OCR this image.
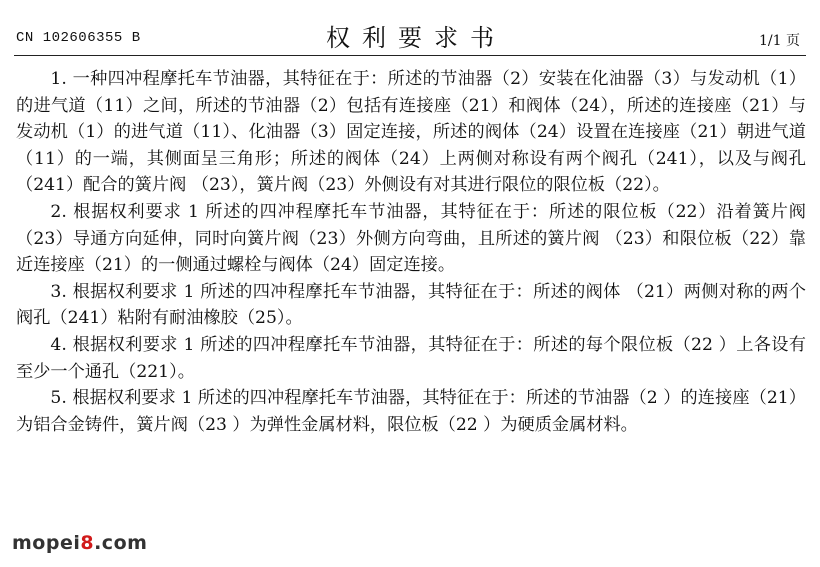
CN 102606355 B	权利要求书	1/1 页

1. 一种四冲程摩托车节油器，其特征在于：所述的节油器（2）安装在化油器（3）与发动机（1）的进气道（11）之间，所述的节油器（2）包括有连接座（21）和阀体（24），所述的连接座（21）与发动机（1）的进气道（11）、化油器（3）固定连接，所述的阀体（24）设置在连接座（21）朝进气道（11）的一端，其侧面呈三角形；所述的阀体（24）上两侧对称设有两个阀孔（241），以及与阀孔（241）配合的簧片阀 （23），簧片阀（23）外侧设有对其进行限位的限位板（22）。

2. 根据权利要求 1 所述的四冲程摩托车节油器，其特征在于：所述的限位板（22）沿着簧片阀（23）导通方向延伸，同时向簧片阀（23）外侧方向弯曲，且所述的簧片阀 （23）和限位板（22）靠近连接座（21）的一侧通过螺栓与阀体（24）固定连接。

3. 根据权利要求 1 所述的四冲程摩托车节油器，其特征在于：所述的阀体 （21）两侧对称的两个阀孔（241）粘附有耐油橡胶（25）。

4. 根据权利要求 1 所述的四冲程摩托车节油器，其特征在于：所述的每个限位板（22 ）上各设有至少一个通孔（221）。

5. 根据权利要求 1 所述的四冲程摩托车节油器，其特征在于：所述的节油器（2 ）的连接座（21）为铝合金铸件，簧片阀（23 ）为弹性金属材料，限位板（22 ）为硬质金属材料。

mopei8.com
